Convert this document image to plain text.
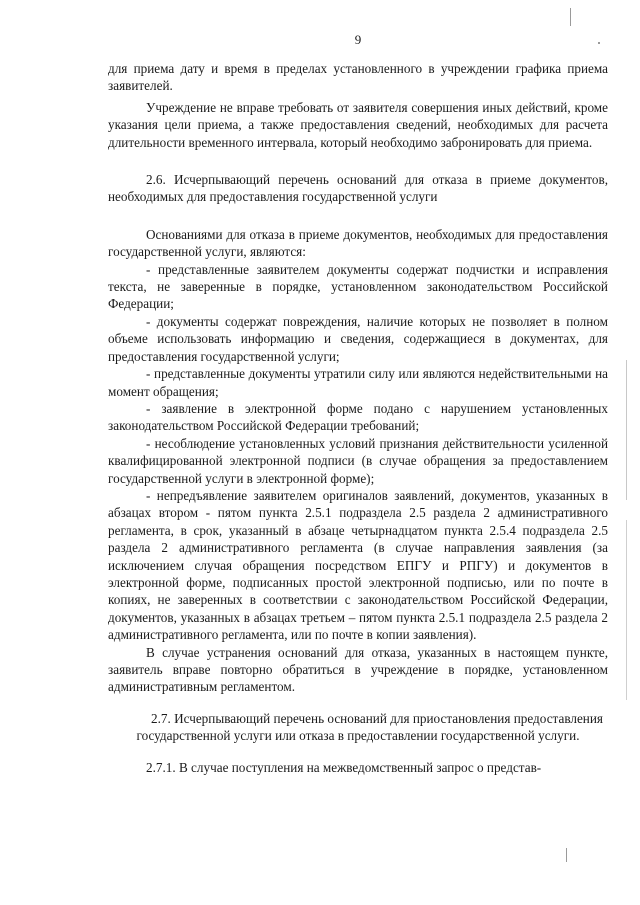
9

для приема дату и время в пределах установленного в учреждении графика приема заявителей.

Учреждение не вправе требовать от заявителя совершения иных действий, кроме указания цели приема, а также предоставления сведений, необходимых для расчета длительности временного интервала, который необходимо забронировать для приема.

2.6. Исчерпывающий перечень оснований для отказа в приеме документов, необходимых для предоставления государственной услуги

Основаниями для отказа в приеме документов, необходимых для предоставления государственной услуги, являются:

- представленные заявителем документы содержат подчистки и исправления текста, не заверенные в порядке, установленном законодательством Российской Федерации;

- документы содержат повреждения, наличие которых не позволяет в полном объеме использовать информацию и сведения, содержащиеся в документах, для предоставления государственной услуги;

- представленные документы утратили силу или являются недействительными на момент обращения;

- заявление в электронной форме подано с нарушением установленных законодательством Российской Федерации требований;

- несоблюдение установленных условий признания действительности усиленной квалифицированной электронной подписи (в случае обращения за предоставлением государственной услуги в электронной форме);

- непредъявление заявителем оригиналов заявлений, документов, указанных в абзацах втором - пятом пункта 2.5.1 подраздела 2.5 раздела 2 административного регламента, в срок, указанный в абзаце четырнадцатом пункта 2.5.4 подраздела 2.5 раздела 2 административного регламента (в случае направления заявления (за исключением случая обращения посредством ЕПГУ и РПГУ) и документов в электронной форме, подписанных простой электронной подписью, или по почте в копиях, не заверенных в соответствии с законодательством Российской Федерации, документов, указанных в абзацах третьем – пятом пункта 2.5.1 подраздела 2.5 раздела 2 административного регламента, или по почте в копии заявления).

В случае устранения оснований для отказа, указанных в настоящем пункте, заявитель вправе повторно обратиться в учреждение в порядке, установленном административным регламентом.

2.7. Исчерпывающий перечень оснований для приостановления предоставления государственной услуги или отказа в предоставлении государственной услуги.

2.7.1. В случае поступления на межведомственный запрос о представ-
